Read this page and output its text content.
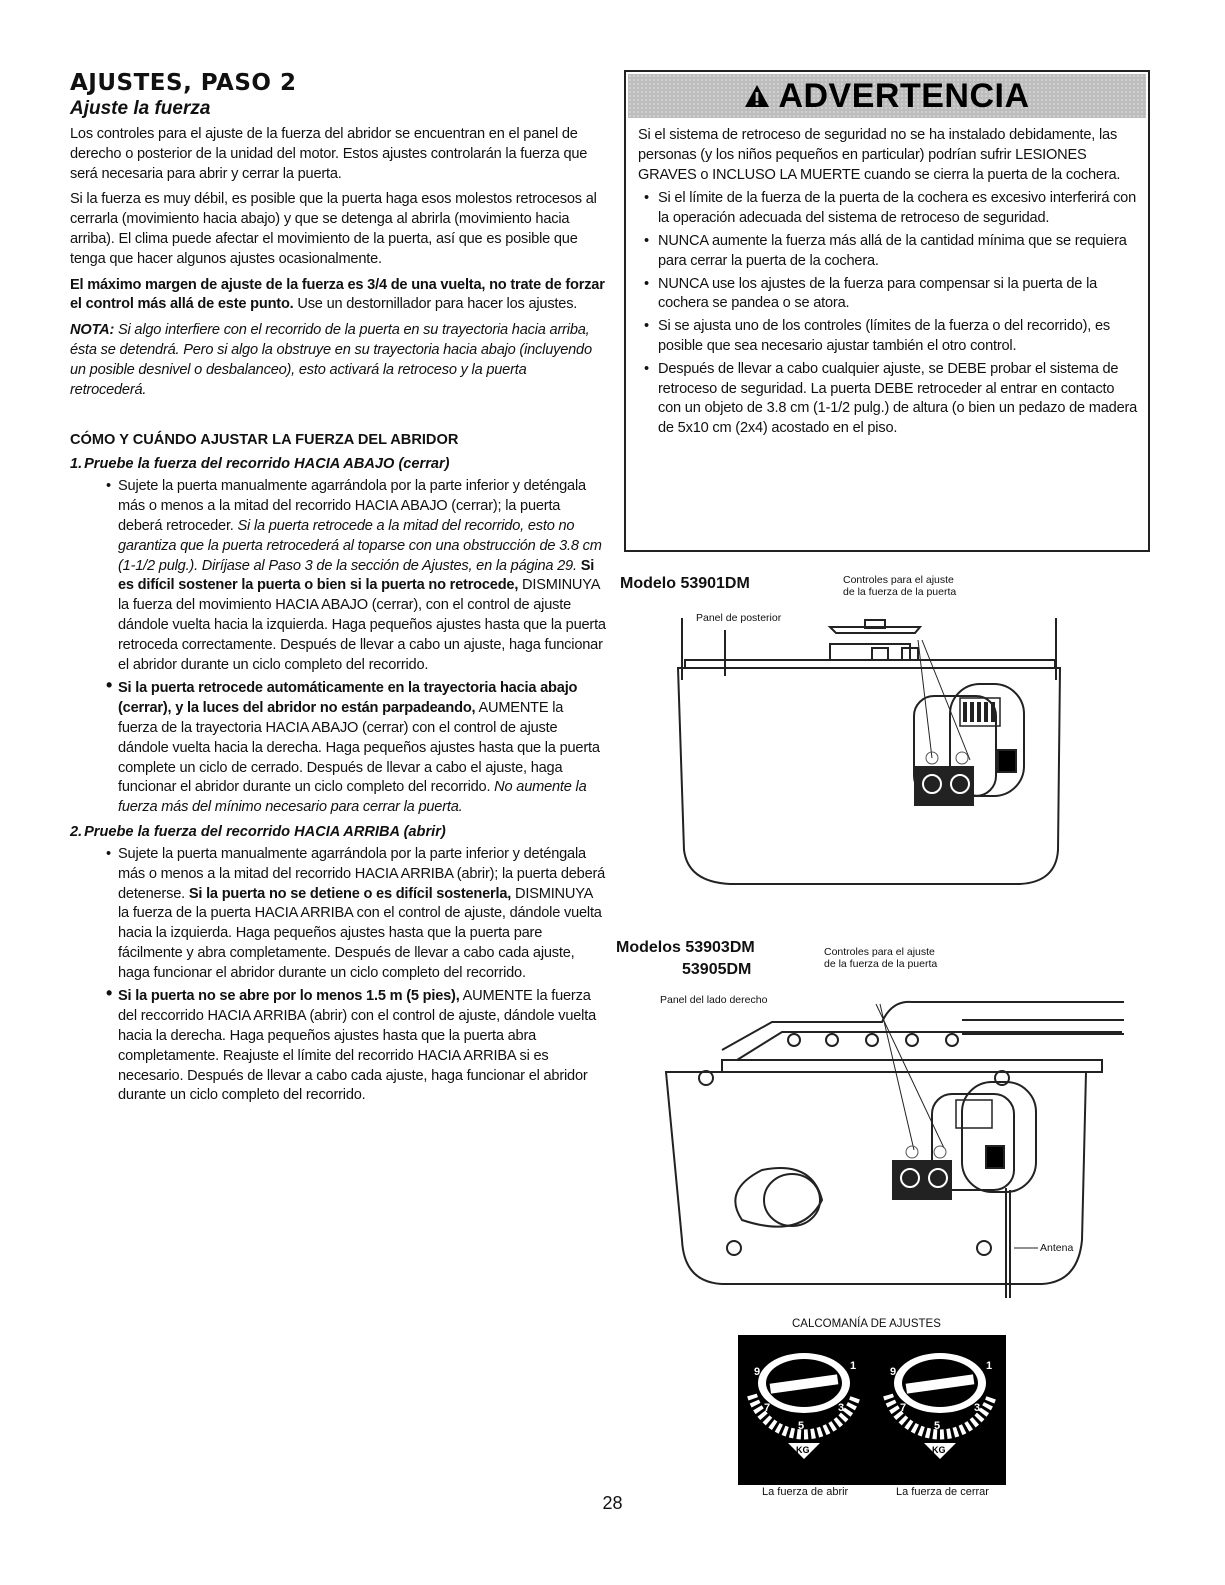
AJUSTES, PASO 2
Ajuste la fuerza

Los controles para el ajuste de la fuerza del abridor se encuentran en el panel de derecho o posterior de la unidad del motor. Estos ajustes controlarán la fuerza que será necesaria para abrir y cerrar la puerta.

Si la fuerza es muy débil, es posible que la puerta haga esos molestos retrocesos al cerrarla (movimiento hacia abajo) y que se detenga al abrirla (movimiento hacia arriba). El clima puede afectar el movimiento de la puerta, así que es posible que tenga que hacer algunos ajustes ocasionalmente.

El máximo margen de ajuste de la fuerza es 3/4 de una vuelta, no trate de forzar el control más allá de este punto. Use un destornillador para hacer los ajustes.

NOTA: Si algo interfiere con el recorrido de la puerta en su trayectoria hacia arriba, ésta se detendrá. Pero si algo la obstruye en su trayectoria hacia abajo (incluyendo un posible desnivel o desbalanceo), esto activará la retroceso y la puerta retrocederá.

CÓMO Y CUÁNDO AJUSTAR LA FUERZA DEL ABRIDOR
1. Pruebe la fuerza del recorrido HACIA ABAJO (cerrar)
• Sujete la puerta manualmente agarrándola por la parte inferior y deténgala más o menos a la mitad del recorrido HACIA ABAJO (cerrar); la puerta deberá retroceder. Si la puerta retrocede a la mitad del recorrido, esto no garantiza que la puerta retrocederá al toparse con una obstrucción de 3.8 cm (1-1/2 pulg.). Diríjase al Paso 3 de la sección de Ajustes, en la página 29. Si es difícil sostener la puerta o bien si la puerta no retrocede, DISMINUYA la fuerza del movimiento HACIA ABAJO (cerrar), con el control de ajuste dándole vuelta hacia la izquierda. Haga pequeños ajustes hasta que la puerta retroceda correctamente. Después de llevar a cabo un ajuste, haga funcionar el abridor durante un ciclo completo del recorrido.
• Si la puerta retrocede automáticamente en la trayectoria hacia abajo (cerrar), y la luces del abridor no están parpadeando, AUMENTE la fuerza de la trayectoria HACIA ABAJO (cerrar) con el control de ajuste dándole vuelta hacia la derecha. Haga pequeños ajustes hasta que la puerta complete un ciclo de cerrado. Después de llevar a cabo el ajuste, haga funcionar el abridor durante un ciclo completo del recorrido. No aumente la fuerza más del mínimo necesario para cerrar la puerta.
2. Pruebe la fuerza del recorrido HACIA ARRIBA (abrir)
• Sujete la puerta manualmente agarrándola por la parte inferior y deténgala más o menos a la mitad del recorrido HACIA ARRIBA (abrir); la puerta deberá detenerse. Si la puerta no se detiene o es difícil sostenerla, DISMINUYA la fuerza de la puerta HACIA ARRIBA con el control de ajuste, dándole vuelta hacia la izquierda. Haga pequeños ajustes hasta que la puerta pare fácilmente y abra completamente. Después de llevar a cabo cada ajuste, haga funcionar el abridor durante un ciclo completo del recorrido.
• Si la puerta no se abre por lo menos 1.5 m (5 pies), AUMENTE la fuerza del reccorrido HACIA ARRIBA (abrir) con el control de ajuste, dándole vuelta hacia la derecha. Haga pequeños ajustes hasta que la puerta abra completamente. Reajuste el límite del recorrido HACIA ARRIBA si es necesario. Después de llevar a cabo cada ajuste, haga funcionar el abridor durante un ciclo completo del recorrido.
ADVERTENCIA

Si el sistema de retroceso de seguridad no se ha instalado debidamente, las personas (y los niños pequeños en particular) podrían sufrir LESIONES GRAVES o INCLUSO LA MUERTE cuando se cierra la puerta de la cochera.

• Si el límite de la fuerza de la puerta de la cochera es excesivo interferirá con la operación adecuada del sistema de retroceso de seguridad.
• NUNCA aumente la fuerza más allá de la cantidad mínima que se requiera para cerrar la puerta de la cochera.
• NUNCA use los ajustes de la fuerza para compensar si la puerta de la cochera se pandea o se atora.
• Si se ajusta uno de los controles (límites de la fuerza o del recorrido), es posible que sea necesario ajustar también el otro control.
• Después de llevar a cabo cualquier ajuste, se DEBE probar el sistema de retroceso de seguridad. La puerta DEBE retroceder al entrar en contacto con un objeto de 3.8 cm (1-1/2 pulg.) de altura (o bien un pedazo de madera de 5x10 cm (2x4) acostado en el piso.
Modelo 53901DM	Controles para el ajuste
de la fuerza de la puerta
Panel de posterior
Modelos 53903DM
53905DM
Controles para el ajuste
de la fuerza de la puerta
Panel del lado derecho
Antena
CALCOMANÍA DE AJUSTES
9
7
5
3
1	9
7
5
3
1
KG	KG
La fuerza de abrir	La fuerza de cerrar
28
